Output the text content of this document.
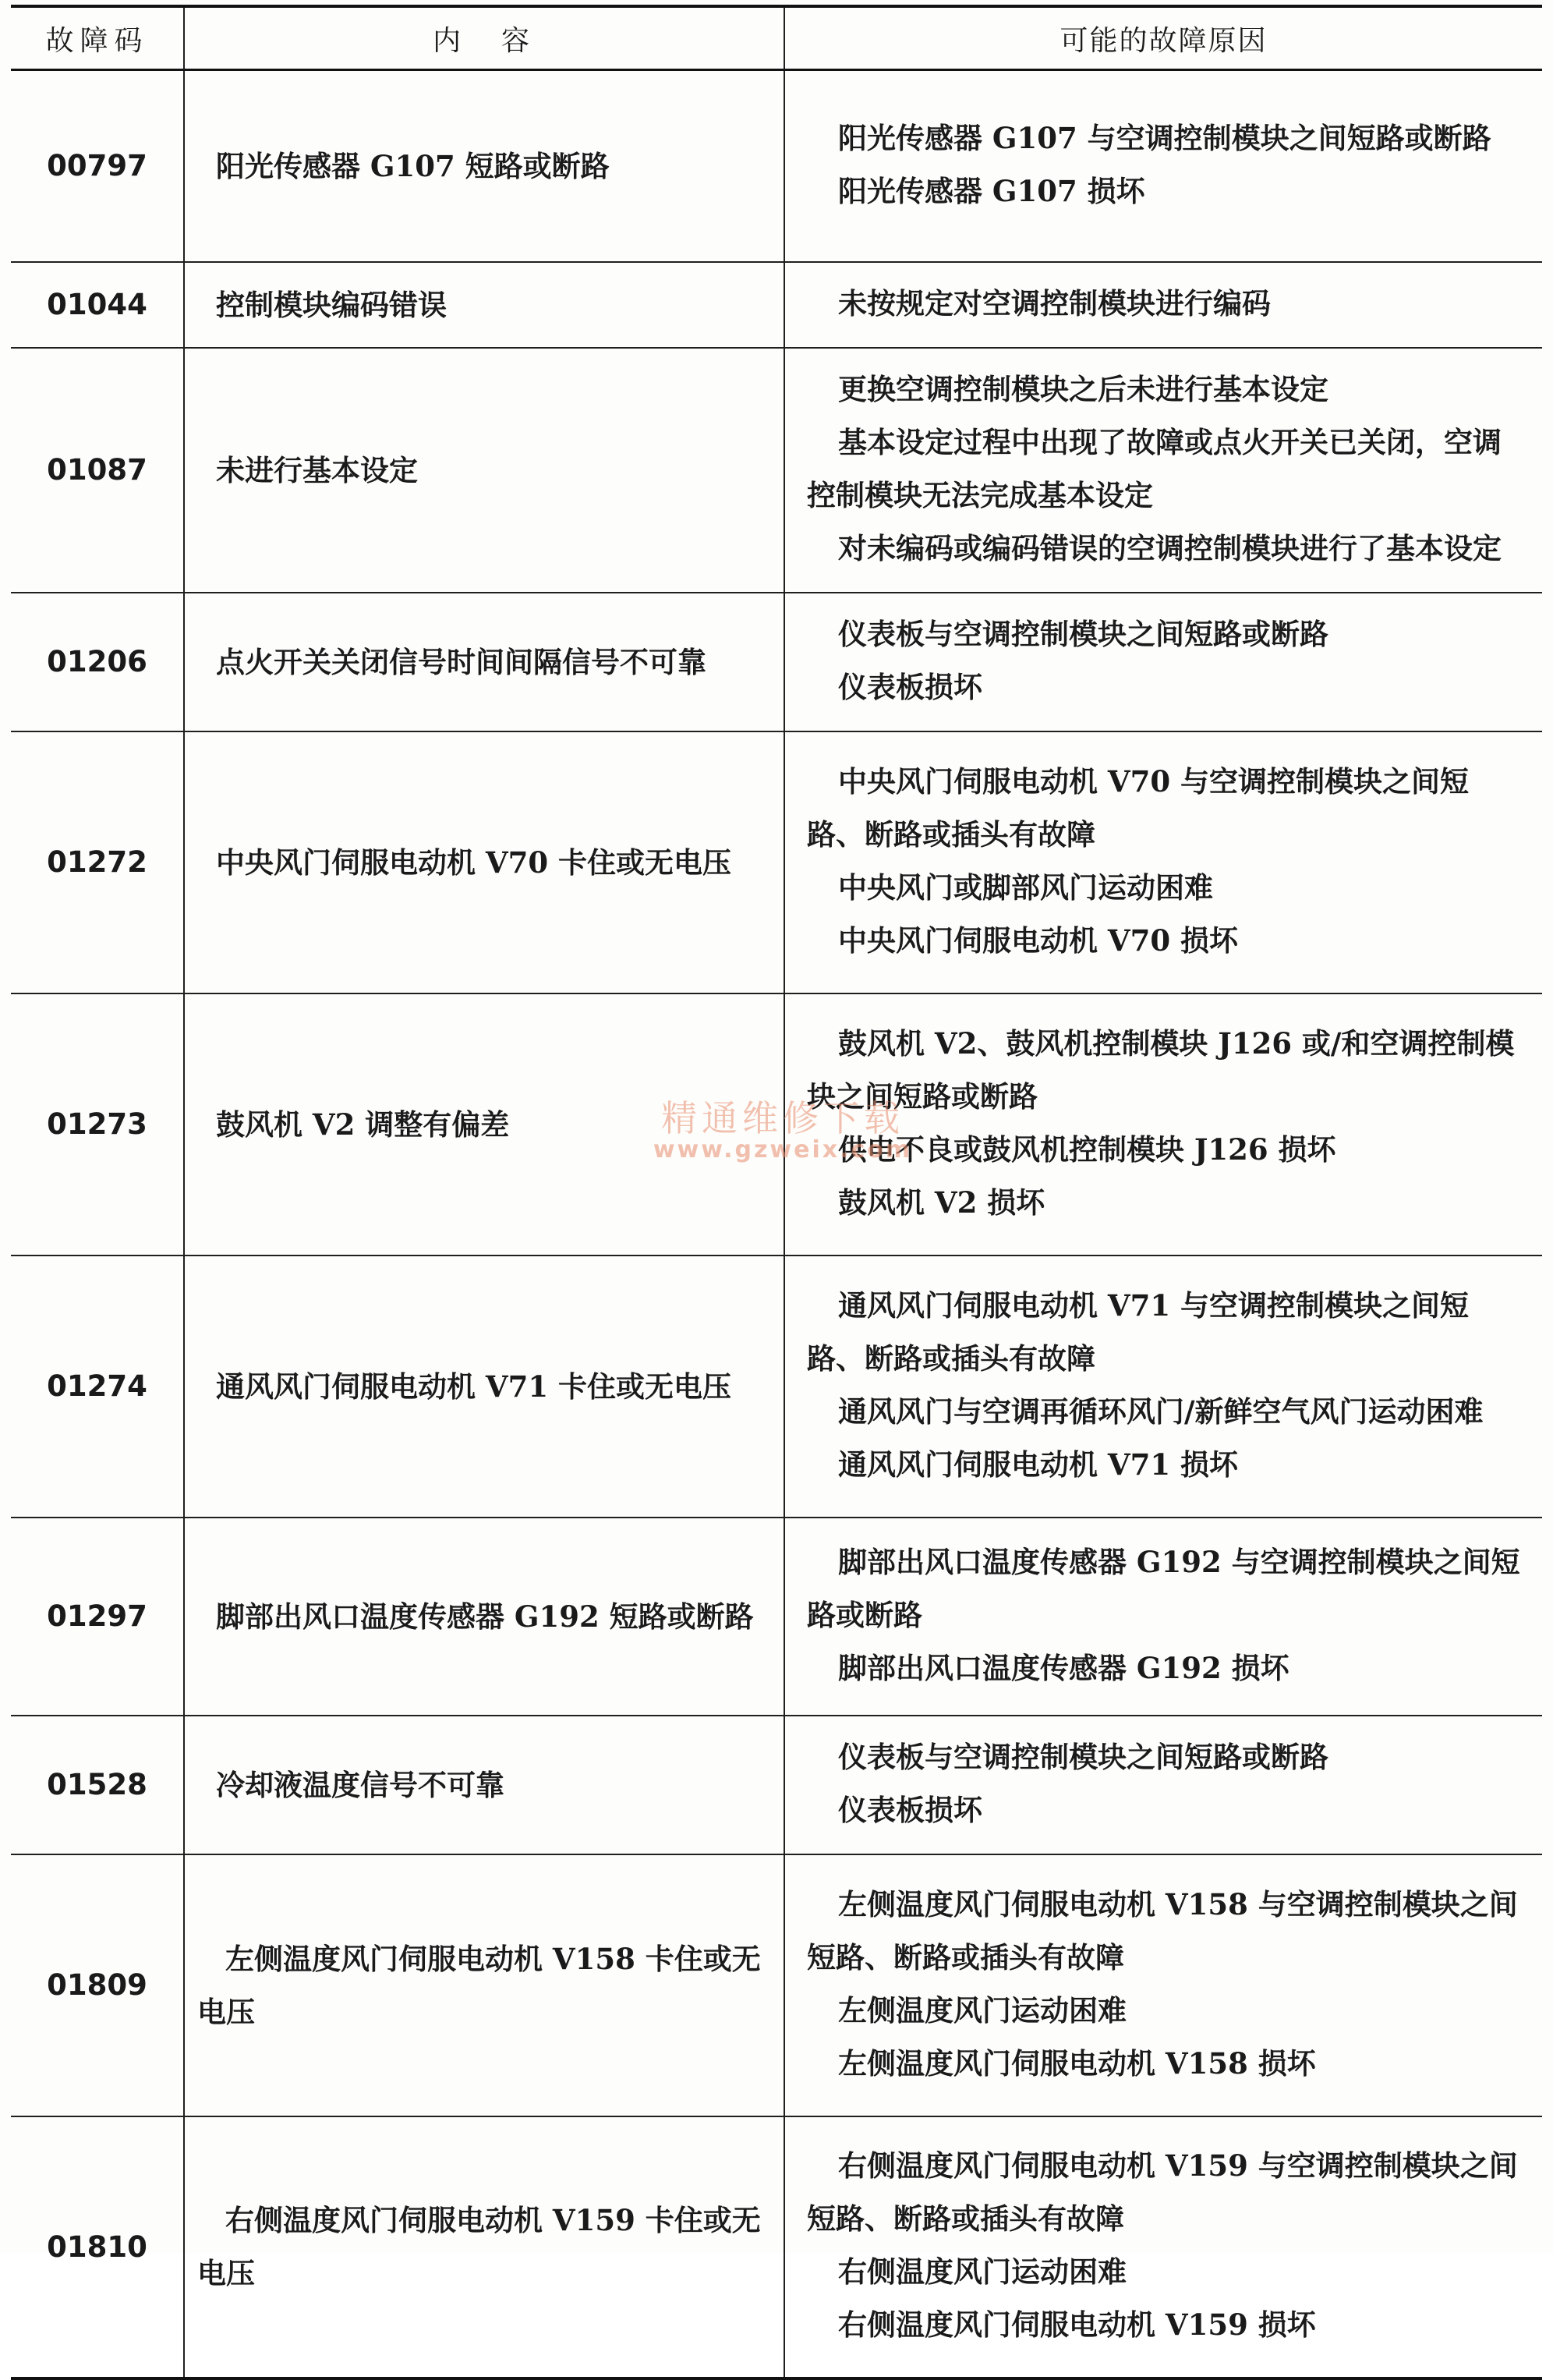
故障码	内　容	可能的故障原因
00797	阳光传感器 G107 短路或断路	阳光传感器 G107 与空调控制模块之间短路或断路
阳光传感器 G107 损坏

01044	控制模块编码错误	未按规定对空调控制模块进行编码

01087	未进行基本设定	更换空调控制模块之后未进行基本设定
基本设定过程中出现了故障或点火开关已关闭，空调控制模块无法完成基本设定
对未编码或编码错误的空调控制模块进行了基本设定

01206	点火开关关闭信号时间间隔信号不可靠	仪表板与空调控制模块之间短路或断路
仪表板损坏

01272	中央风门伺服电动机 V70 卡住或无电压	中央风门伺服电动机 V70 与空调控制模块之间短路、断路或插头有故障
中央风门或脚部风门运动困难
中央风门伺服电动机 V70 损坏

01273	鼓风机 V2 调整有偏差	鼓风机 V2、鼓风机控制模块 J126 或/和空调控制模块之间短路或断路
供电不良或鼓风机控制模块 J126 损坏
鼓风机 V2 损坏

01274	通风风门伺服电动机 V71 卡住或无电压	通风风门伺服电动机 V71 与空调控制模块之间短路、断路或插头有故障
通风风门与空调再循环风门/新鲜空气风门运动困难
通风风门伺服电动机 V71 损坏

01297	脚部出风口温度传感器 G192 短路或断路	脚部出风口温度传感器 G192 与空调控制模块之间短路或断路
脚部出风口温度传感器 G192 损坏

01528	冷却液温度信号不可靠	仪表板与空调控制模块之间短路或断路
仪表板损坏

01809	左侧温度风门伺服电动机 V158 卡住或无电压	左侧温度风门伺服电动机 V158 与空调控制模块之间短路、断路或插头有故障
左侧温度风门运动困难
左侧温度风门伺服电动机 V158 损坏

01810	右侧温度风门伺服电动机 V159 卡住或无电压	右侧温度风门伺服电动机 V159 与空调控制模块之间短路、断路或插头有故障
右侧温度风门运动困难
右侧温度风门伺服电动机 V159 损坏
精通维修下载
www.gzweix.com
